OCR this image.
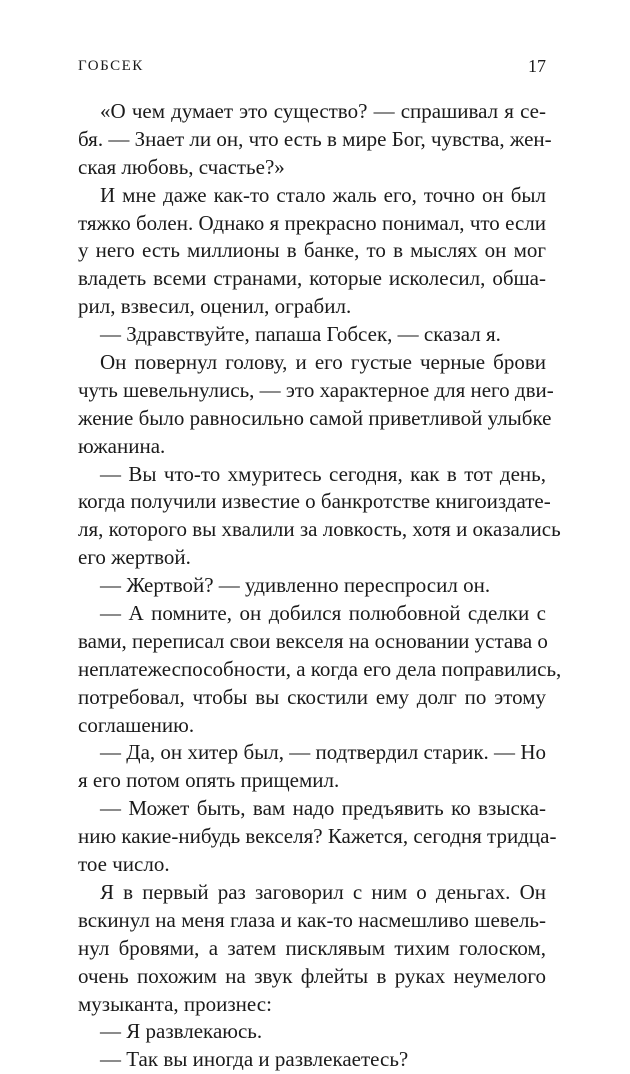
ГОБСЕК	17
«О чем думает это существо? — спрашивал я се-
бя. — Знает ли он, что есть в мире Бог, чувства, жен-
ская любовь, счастье?»
И мне даже как-то стало жаль его, точно он был
тяжко болен. Однако я прекрасно понимал, что если
у него есть миллионы в банке, то в мыслях он мог
владеть всеми странами, которые исколесил, обша-
рил, взвесил, оценил, ограбил.
— Здравствуйте, папаша Гобсек, — сказал я.
Он повернул голову, и его густые черные брови
чуть шевельнулись, — это характерное для него дви-
жение было равносильно самой приветливой улыбке
южанина.
— Вы что-то хмуритесь сегодня, как в тот день,
когда получили известие о банкротстве книгоиздате-
ля, которого вы хвалили за ловкость, хотя и оказались
его жертвой.
— Жертвой? — удивленно переспросил он.
— А помните, он добился полюбовной сделки с
вами, переписал свои векселя на основании устава о
неплатежеспособности, а когда его дела поправились,
потребовал, чтобы вы скостили ему долг по этому
соглашению.
— Да, он хитер был, — подтвердил старик. — Но
я его потом опять прищемил.
— Может быть, вам надо предъявить ко взыска-
нию какие-нибудь векселя? Кажется, сегодня тридца-
тое число.
Я в первый раз заговорил с ним о деньгах. Он
вскинул на меня глаза и как-то насмешливо шевель-
нул бровями, а затем писклявым тихим голоском,
очень похожим на звук флейты в руках неумелого
музыканта, произнес:
— Я развлекаюсь.
— Так вы иногда и развлекаетесь?
